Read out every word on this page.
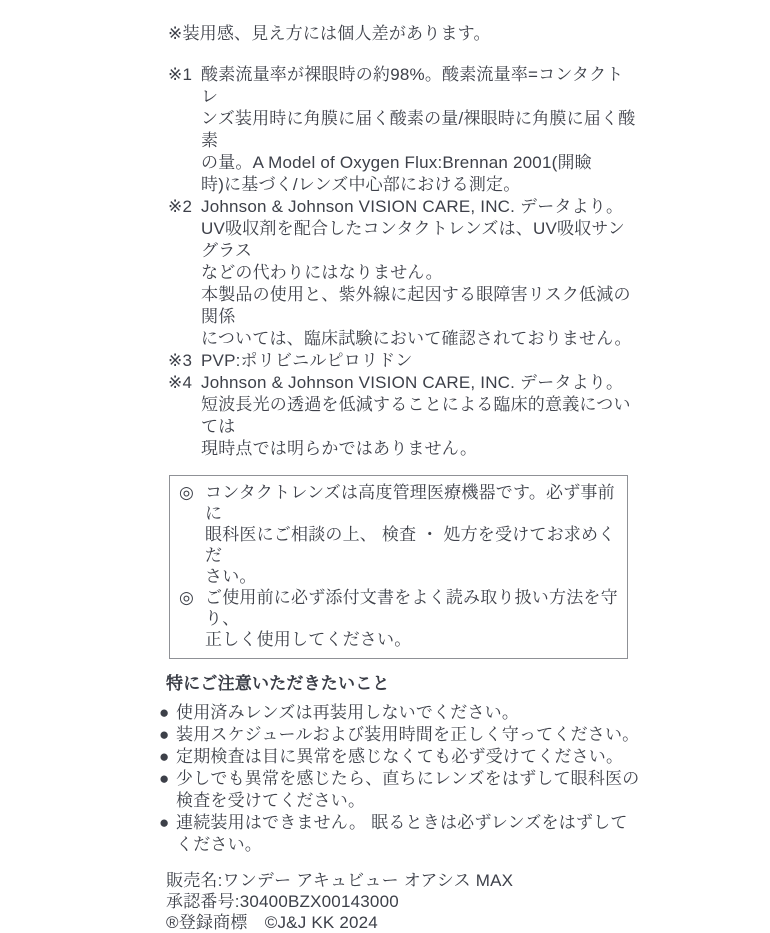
※装用感、見え方には個人差があります。

※1 酸素流量率が裸眼時の約98%。酸素流量率=コンタクトレ
ンズ装用時に角膜に届く酸素の量/裸眼時に角膜に届く酸素
の量。A Model of Oxygen Flux:Brennan 2001(開瞼
時)に基づく/レンズ中心部における測定。
※2 Johnson & Johnson VISION CARE, INC. データより。
UV吸収剤を配合したコンタクトレンズは、UV吸収サングラス
などの代わりにはなりません。
本製品の使用と、紫外線に起因する眼障害リスク低減の関係
については、臨床試験において確認されておりません。
※3 PVP:ポリビニルピロリドン
※4 Johnson & Johnson VISION CARE, INC. データより。
短波長光の透過を低減することによる臨床的意義については
現時点では明らかではありません。
◎ コンタクトレンズは高度管理医療機器です。必ず事前に
眼科医にご相談の上、 検査 ・ 処方を受けてお求めくだ
さい。
◎ ご使用前に必ず添付文書をよく読み取り扱い方法を守り、
正しく使用してください。

特にご注意いただきたいこと

● 使用済みレンズは再装用しないでください。
● 装用スケジュールおよび装用時間を正しく守ってください。
● 定期検査は目に異常を感じなくても必ず受けてください。
● 少しでも異常を感じたら、直ちにレンズをはずして眼科医の
検査を受けてください。
● 連続装用はできません。 眠るときは必ずレンズをはずして
ください。

販売名:ワンデー アキュビュー オアシス MAX

承認番号:30400BZX00143000

®登録商標　©J&J KK 2024
